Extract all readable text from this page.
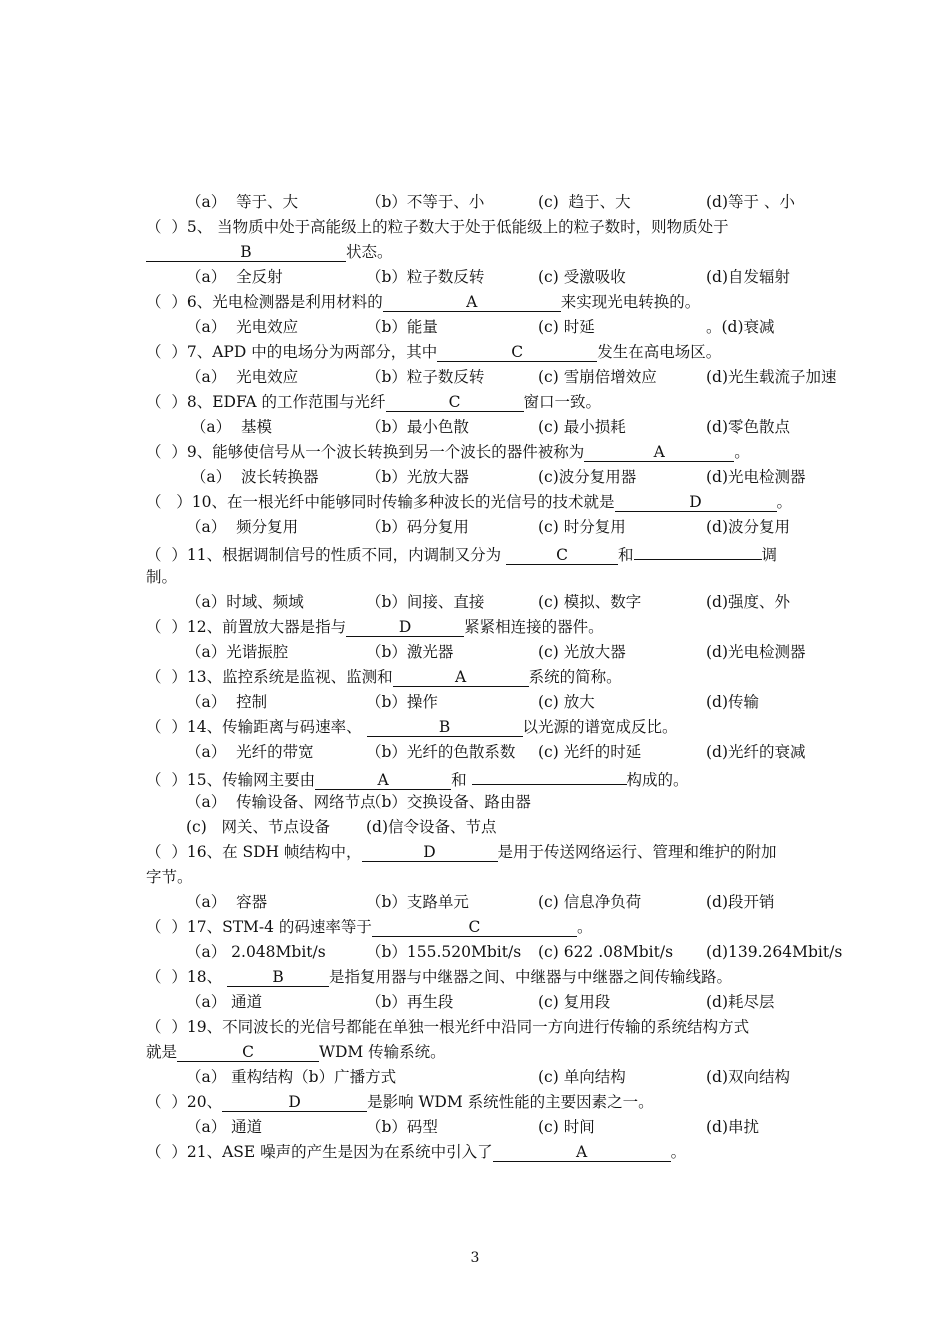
（a）  等于、大	（b）不等于、小	(c)  趋于、大	(d)等于 、小
（  ）5、 当物质中处于高能级上的粒子数大于处于低能级上的粒子数时，则物质处于
B	状态。
（a）  全反射	（b）粒子数反转	(c) 受激吸收	(d)自发辐射
（  ）6、光电检测器是利用材料的	A	来实现光电转换的。
（a）  光电效应	（b）能量	(c) 时延	。(d)衰减
（  ）7、APD 中的电场分为两部分，其中	C	发生在高电场区。
（a）  光电效应	（b）粒子数反转	(c) 雪崩倍增效应	(d)光生载流子加速
（  ）8、EDFA 的工作范围与光纤	C	窗口一致。
（a）  基模	（b）最小色散	(c) 最小损耗	(d)零色散点
（  ）9、能够使信号从一个波长转换到另一个波长的器件被称为	A	。
（a）  波长转换器	（b）光放大器	(c)波分复用器	(d)光电检测器
（   ）10、在一根光纤中能够同时传输多种波长的光信号的技术就是	D	。
（a）  频分复用	（b）码分复用	(c) 时分复用	(d)波分复用
（  ）11、根据调制信号的性质不同，内调制又分为	C	和	调
制。
（a）时域、频域	（b）间接、直接	(c) 模拟、数字	(d)强度、外
（  ）12、前置放大器是指与	D	紧紧相连接的器件。
（a）光谐振腔	（b）激光器	(c) 光放大器	(d)光电检测器
（  ）13、监控系统是监视、监测和	A	系统的简称。
（a）  控制	（b）操作	(c) 放大	(d)传输
（  ）14、传输距离与码速率、	B	以光源的谱宽成反比。
（a）  光纤的带宽	（b）光纤的色散系数 (c) 光纤的时延	(d)光纤的衰减
（  ）15、传输网主要由	A	和	构成的。
（a）  传输设备、网络节点
（b）交换设备、路由器
(c)   网关、节点设备 (d)信令设备、节点
（  ）16、在 SDH 帧结构中，	D	是用于传送网络运行、管理和维护的附加
字节。
（a）  容器	（b）支路单元	(c) 信息净负荷	(d)段开销
（  ）17、STM-4 的码速率等于	C	。
（a） 2.048Mbit/s	（b）155.520Mbit/s (c) 622 .08Mbit/s (d)139.264Mbit/s
（  ）18、	B	是指复用器与中继器之间、中继器与中继器之间传输线路。
（a） 通道	（b）再生段	(c) 复用段	(d)耗尽层
（  ）19、不同波长的光信号都能在单独一根光纤中沿同一方向进行传输的系统结构方式
就是	C	WDM 传输系统。
（a） 重构结构（b）广播方式	(c) 单向结构	(d)双向结构
（  ）20、	D	是影响 WDM 系统性能的主要因素之一。
（a） 通道	（b）码型	(c) 时间	(d)串扰
（  ）21、ASE 噪声的产生是因为在系统中引入了	A	。
3
